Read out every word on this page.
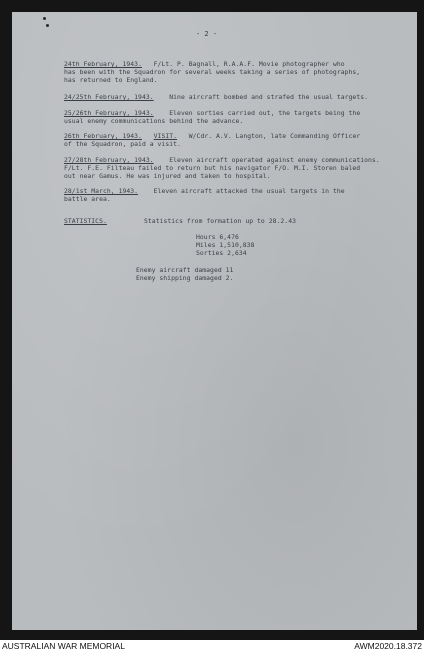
- 2 -
24th February, 1943. F/Lt. P. Bagnall, R.A.A.F. Movie photographer who
has been with the Squadron for several weeks taking a series of photographs,
has returned to England.
24/25th February, 1943. Nine aircraft bombed and strafed the usual targets.
25/26th February, 1943. Eleven sorties carried out, the targets being the
usual enemy communications behind the advance.
26th February, 1943. VISIT. W/Cdr. A.V. Langton, late Commanding Officer
of the Squadron, paid a visit.
27/28th February, 1943. Eleven aircraft operated against enemy communications.
F/Lt. F.E. Filteau failed to return but his navigator F/O. M.I. Storen baled
out near Gamus. He was injured and taken to hospital.
28/1st March, 1943. Eleven aircraft attacked the usual targets in the
battle area.
STATISTICS.	Statistics from formation up to 28.2.43
Hours 6,476
Miles 1,510,838
Sorties 2,634
Enemy aircraft damaged 11
Enemy shipping damaged 2.
AUSTRALIAN WAR MEMORIAL	AWM2020.18.372
